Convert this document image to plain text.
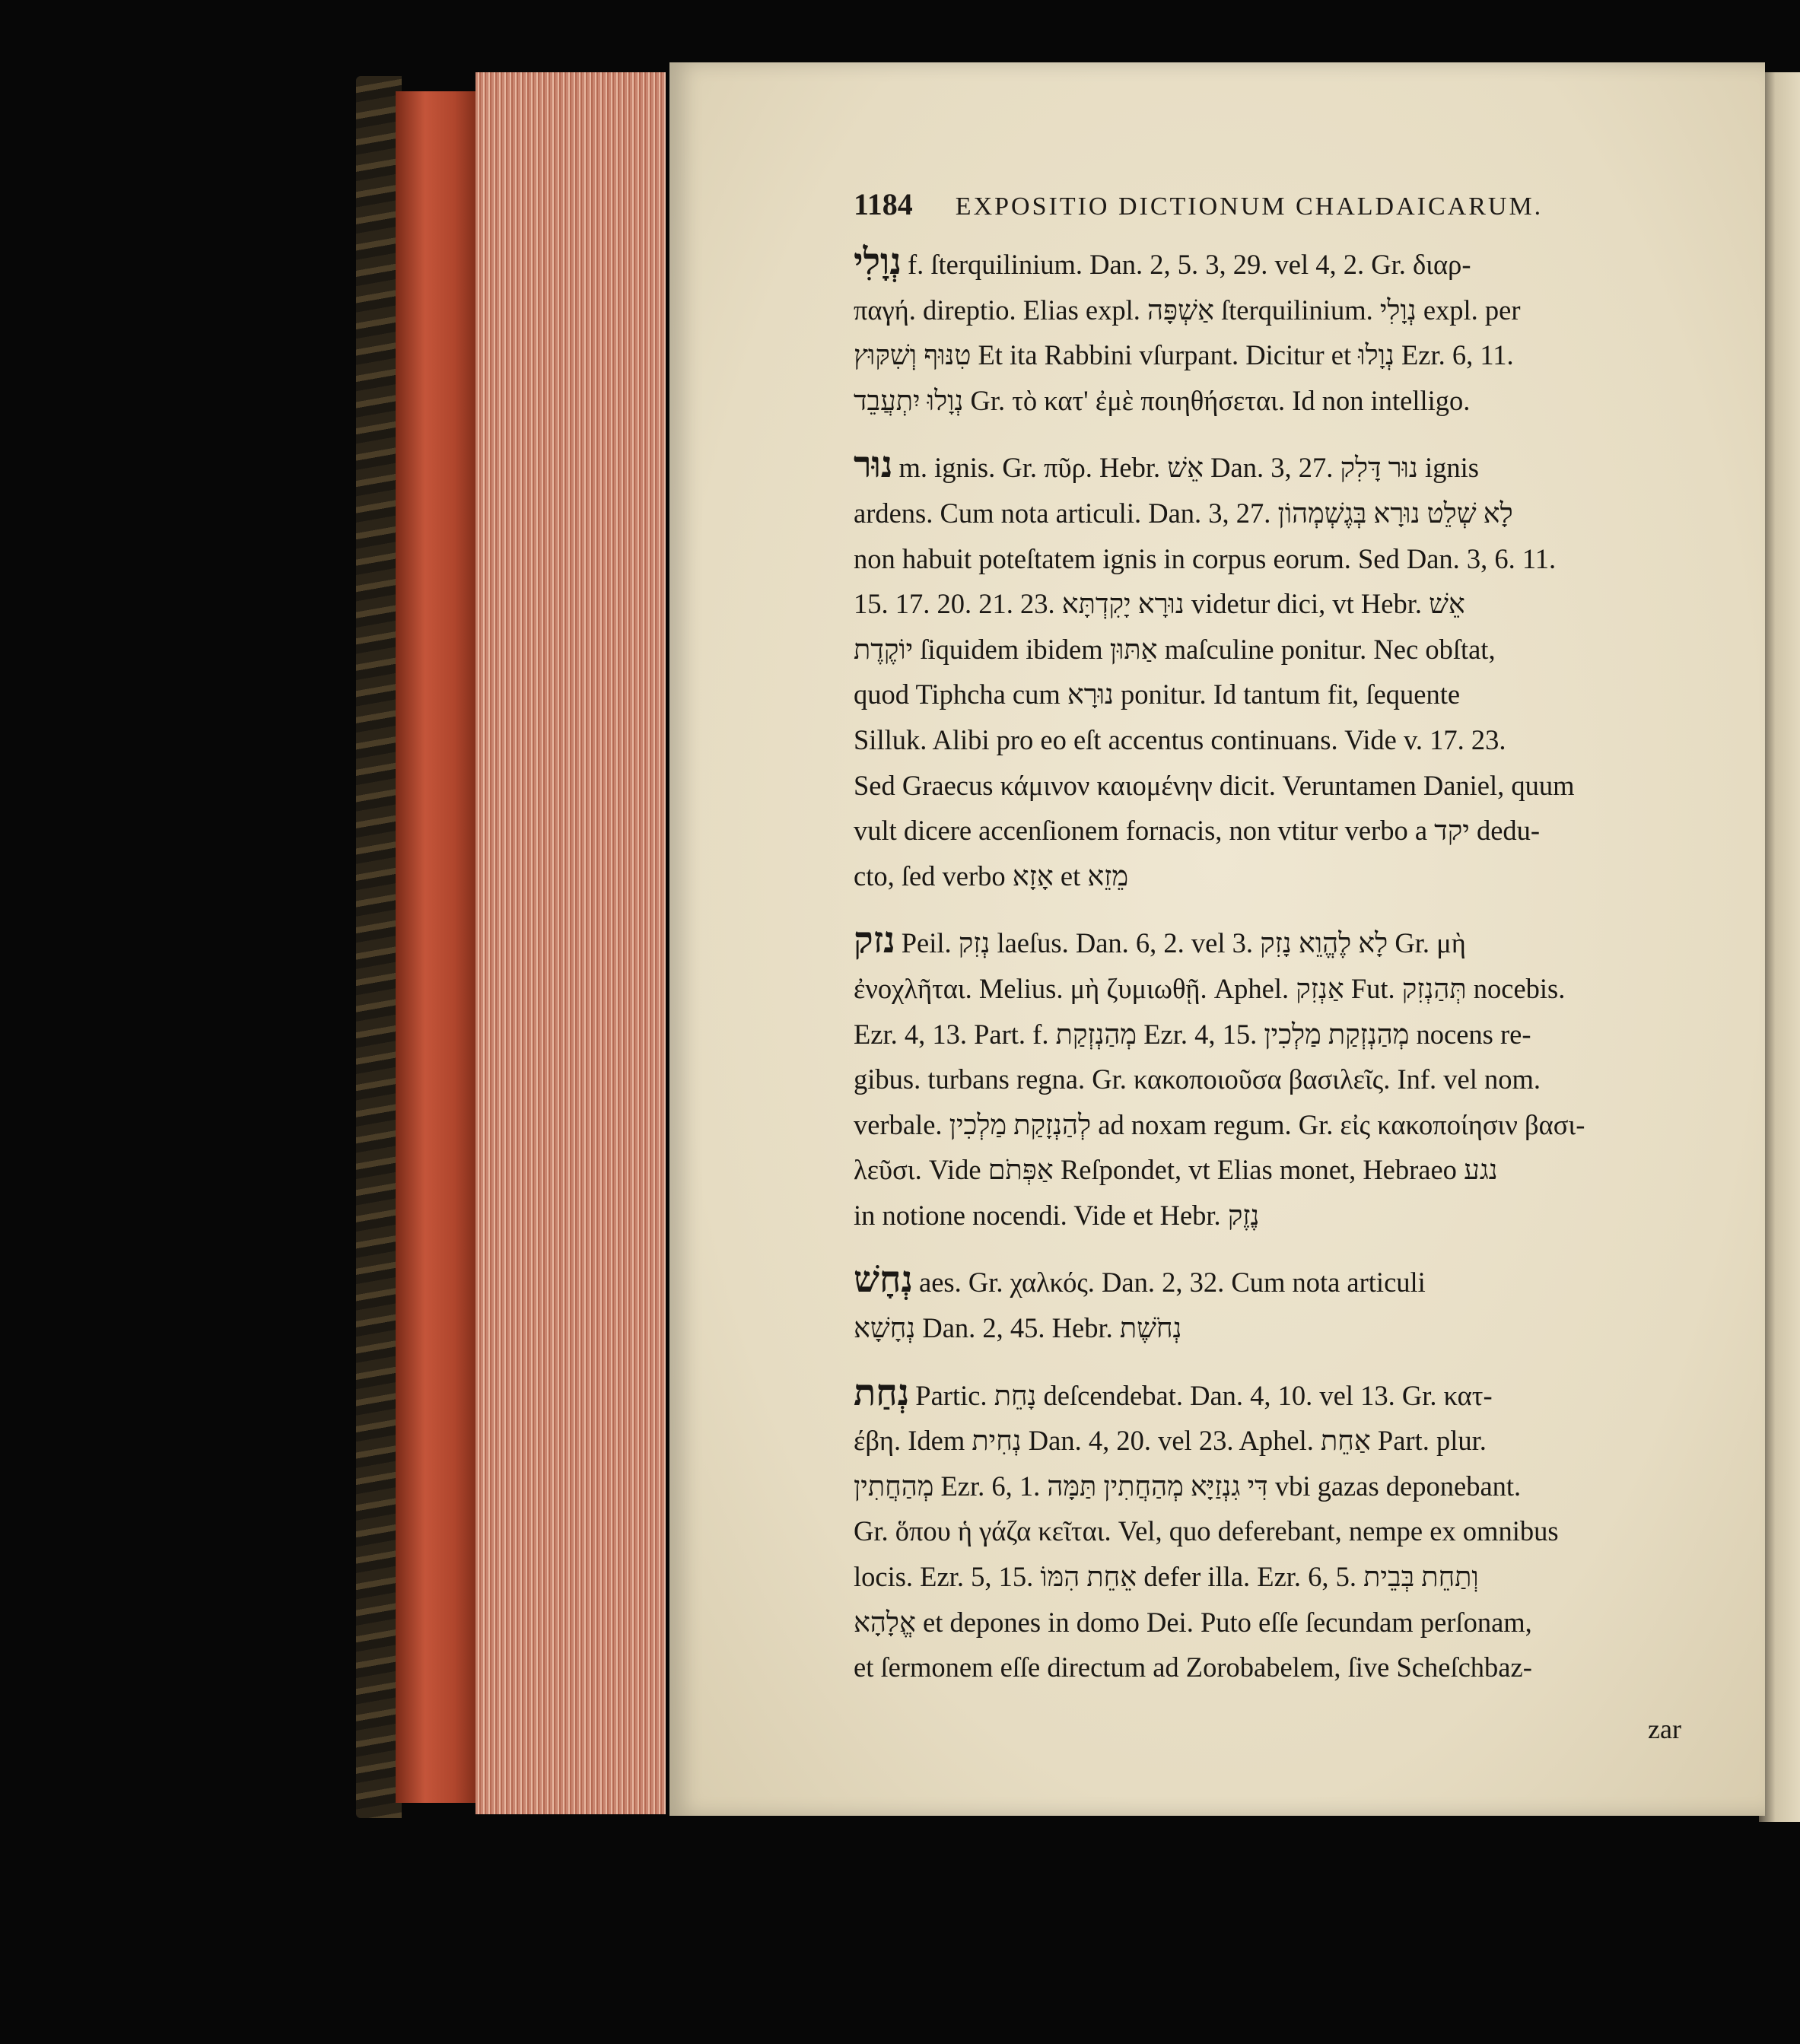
1184 EXPOSITIO DICTIONUM CHALDAICARUM.

נְוָלִי f. ſterquilinium. Dan. 2, 5. 3, 29. vel 4, 2. Gr. διαρ-

παγή. direptio. Elias expl. אַשְׁפָּה ſterquilinium. נְוָלִי expl. per

טִנּוּף וְשִׁקּוּץ Et ita Rabbini vſurpant. Dicitur et נְוָלוּ Ezr. 6, 11.

נְוָלוּ יִתְעֲבֵד Gr. τὸ κατ' ἐμὲ ποιηθήσεται. Id non intelligo.

נוּר m. ignis. Gr. πῦρ. Hebr. אֵשׁ Dan. 3, 27. נוּר דָּלִק ignis

ardens. Cum nota articuli. Dan. 3, 27. לָא שְׁלֵט נוּרָא בְּגֶשְׁמְהוֹן

non habuit poteſtatem ignis in corpus eorum. Sed Dan. 3, 6. 11.

15. 17. 20. 21. 23. נוּרָא יָקִדְתָּא videtur dici, vt Hebr. אֵשׁ

יוֹקֶדֶת ſiquidem ibidem אַתּוּן maſculine ponitur. Nec obſtat,

quod Tiphcha cum נוּרָא ponitur. Id tantum fit, ſequente

Silluk. Alibi pro eo eſt accentus continuans. Vide v. 17. 23.

Sed Graecus κάμινον καιομένην dicit. Veruntamen Daniel, quum

vult dicere accenſionem fornacis, non vtitur verbo a יקד dedu-

cto, ſed verbo אָזָא et מֵזֵא

נזק Peil. נְזִק laeſus. Dan. 6, 2. vel 3. לָא לֶהֱוֵא נָזִק Gr. μὴ

ἐνοχλῆται. Melius. μὴ ζυμιωθῇ. Aphel. אַנְזִק Fut. תְּהַנְזִק nocebis.

Ezr. 4, 13. Part. f. מְהַנְזְקַת Ezr. 4, 15. מְהַנְזְקַת מַלְכִין nocens re-

gibus. turbans regna. Gr. κακοποιοῦσα βασιλεῖς. Inf. vel nom.

verbale. לְהַנְזָקַת מַלְכִין ad noxam regum. Gr. εἰς κακοποίησιν βασι-

λεῦσι. Vide אַפְּתֹם Reſpondet, vt Elias monet, Hebraeo נגע

in notione nocendi. Vide et Hebr. נֶזֶק

נְחָשׁ aes. Gr. χαλκός. Dan. 2, 32. Cum nota articuli

נְחָשָׁא Dan. 2, 45. Hebr. נְחֹשֶׁת

נְחַת Partic. נָחֵת deſcendebat. Dan. 4, 10. vel 13. Gr. κατ-

έβη. Idem נְחִית Dan. 4, 20. vel 23. Aphel. אַחֵת Part. plur.

מְהַחֲתִין Ezr. 6, 1. דִּי גִנְזַיָּא מְהַחֲתִין תַּמָּה vbi gazas deponebant.

Gr. ὅπου ἡ γάζα κεῖται. Vel, quo deferebant, nempe ex omnibus

locis. Ezr. 5, 15. אֵחֵת הִמּוֹ defer illa. Ezr. 6, 5. וְתַחֵת בְּבֵית

אֱלָהָא et depones in domo Dei. Puto eſſe ſecundam perſonam,

et ſermonem eſſe directum ad Zorobabelem, ſive Scheſchbaz-

zar
